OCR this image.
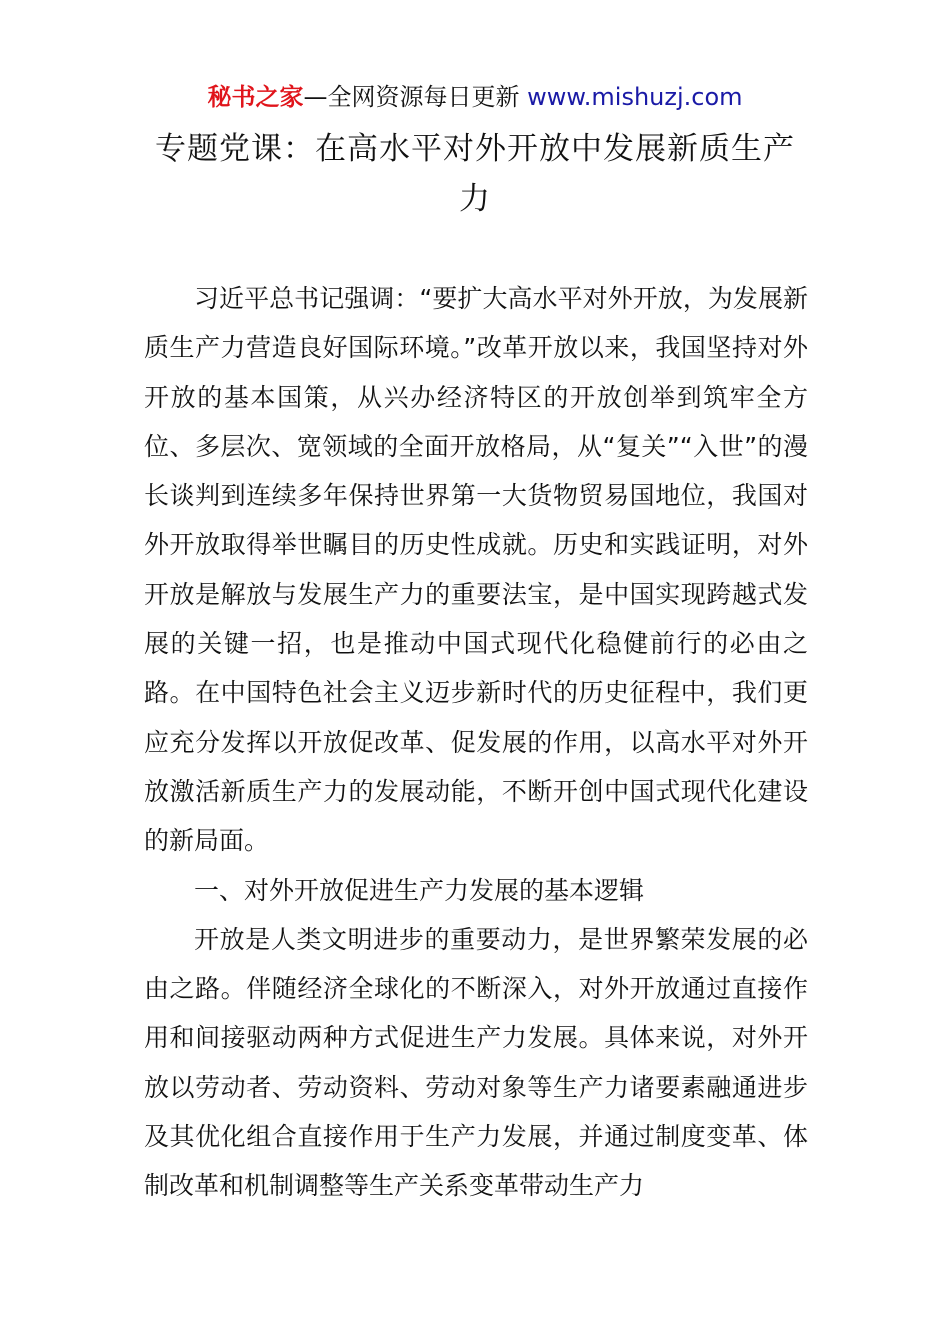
秘书之家—全网资源每日更新 www.mishuzj.com
专题党课：在高水平对外开放中发展新质生产力

习近平总书记强调：“要扩大高水平对外开放，为发展新质生产力营造良好国际环境。”改革开放以来，我国坚持对外开放的基本国策，从兴办经济特区的开放创举到筑牢全方位、多层次、宽领域的全面开放格局，从“复关”“入世”的漫长谈判到连续多年保持世界第一大货物贸易国地位，我国对外开放取得举世瞩目的历史性成就。历史和实践证明，对外开放是解放与发展生产力的重要法宝，是中国实现跨越式发展的关键一招，也是推动中国式现代化稳健前行的必由之路。在中国特色社会主义迈步新时代的历史征程中，我们更应充分发挥以开放促改革、促发展的作用，以高水平对外开放激活新质生产力的发展动能，不断开创中国式现代化建设的新局面。

一、对外开放促进生产力发展的基本逻辑

开放是人类文明进步的重要动力，是世界繁荣发展的必由之路。伴随经济全球化的不断深入，对外开放通过直接作用和间接驱动两种方式促进生产力发展。具体来说，对外开放以劳动者、劳动资料、劳动对象等生产力诸要素融通进步及其优化组合直接作用于生产力发展，并通过制度变革、体制改革和机制调整等生产关系变革带动生产力
